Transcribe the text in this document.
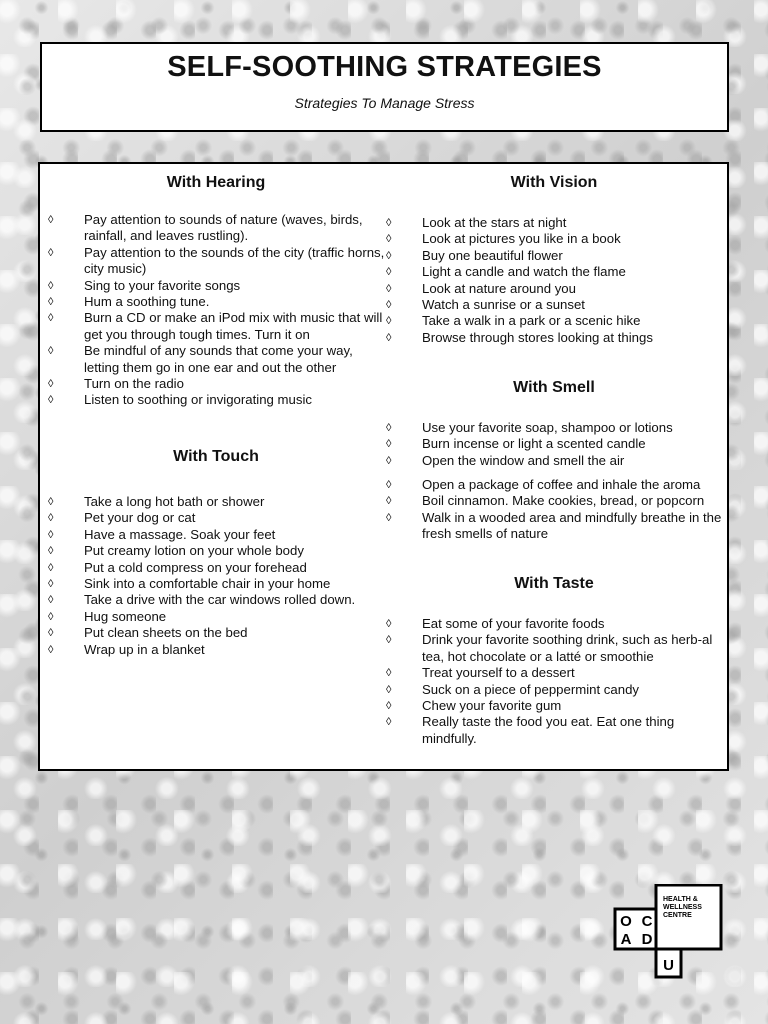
SELF-SOOTHING STRATEGIES
Strategies To Manage Stress
With Hearing
◊ Pay attention to sounds of nature (waves, birds, rainfall, and leaves rustling).
◊ Pay attention to the sounds of the city (traffic horns, city music)
◊ Sing to your favorite songs
◊ Hum a soothing tune.
◊ Burn a CD or make an iPod mix with music that will get you through tough times. Turn it on
◊ Be mindful of any sounds that come your way, letting them go in one ear and out the other
◊ Turn on the radio
◊ Listen to soothing or invigorating music
With Touch
◊ Take a long hot bath or shower
◊ Pet your dog or cat
◊ Have a massage. Soak your feet
◊ Put creamy lotion on your whole body
◊ Put a cold compress on your forehead
◊ Sink into a comfortable chair in your home
◊ Take a drive with the car windows rolled down.
◊ Hug someone
◊ Put clean sheets on the bed
◊ Wrap up in a blanket
With Vision
◊ Look at the stars at night
◊ Look at pictures you like in a book
◊ Buy one beautiful flower
◊ Light a candle and watch the flame
◊ Look at nature around you
◊ Watch a sunrise or a sunset
◊ Take a walk in a park or a scenic hike
◊ Browse through stores looking at things
With Smell
◊ Use your favorite soap, shampoo or lotions
◊ Burn incense or light a scented candle
◊ Open the window and smell the air
◊ Open a package of coffee and inhale the aroma
◊ Boil cinnamon. Make cookies, bread, or popcorn
◊ Walk in a wooded area and mindfully breathe in the fresh smells of nature
With Taste
◊ Eat some of your favorite foods
◊ Drink your favorite soothing drink, such as herb-al tea, hot chocolate or a latté or smoothie
◊ Treat yourself to a dessert
◊ Suck on a piece of peppermint candy
◊ Chew your favorite gum
◊ Really taste the food you eat. Eat one thing mindfully.
O C
A D
U
HEALTH &
WELLNESS
CENTRE
